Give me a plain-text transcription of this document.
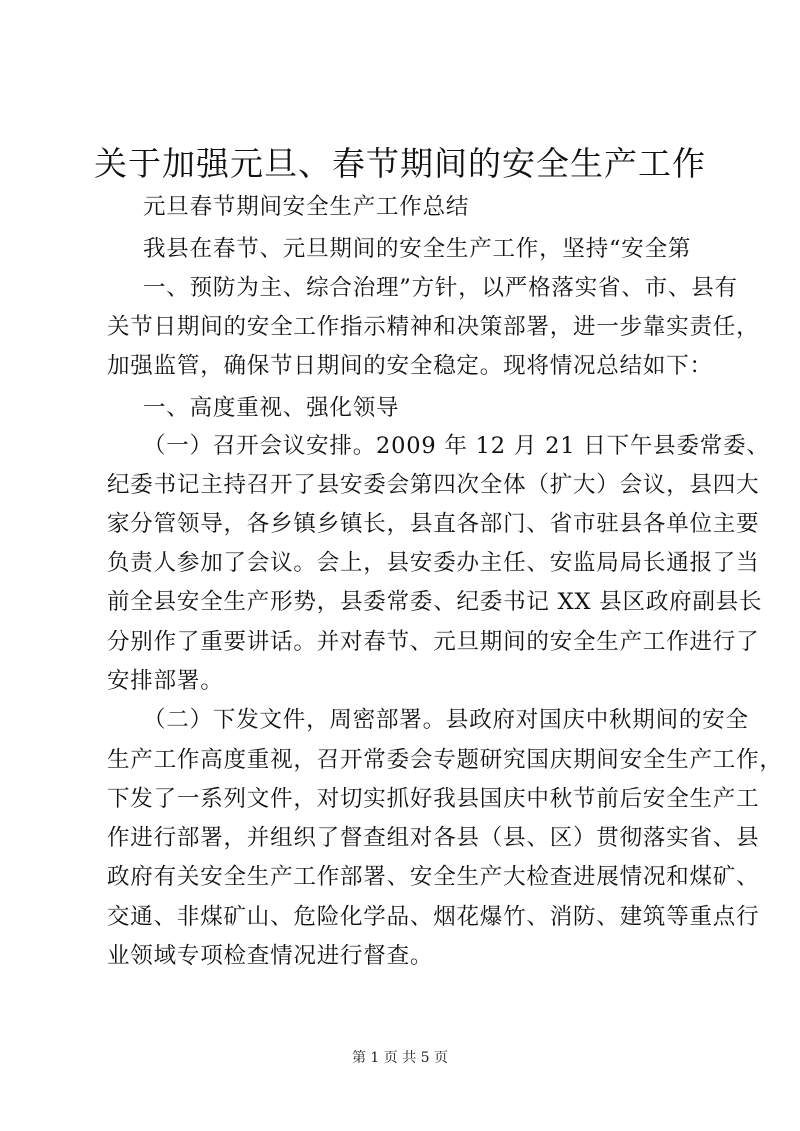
关于加强元旦、春节期间的安全生产工作

元旦春节期间安全生产工作总结

我县在春节、元旦期间的安全生产工作，坚持“安全第

一、预防为主、综合治理”方针，以严格落实省、市、县有

关节日期间的安全工作指示精神和决策部署，进一步靠实责任，

加强监管，确保节日期间的安全稳定。现将情况总结如下：

一、高度重视、强化领导

（一）召开会议安排。2009 年 12 月 21 日下午县委常委、

纪委书记主持召开了县安委会第四次全体（扩大）会议，县四大

家分管领导，各乡镇乡镇长，县直各部门、省市驻县各单位主要

负责人参加了会议。会上，县安委办主任、安监局局长通报了当

前全县安全生产形势，县委常委、纪委书记 XX 县区政府副县长

分别作了重要讲话。并对春节、元旦期间的安全生产工作进行了

安排部署。

（二）下发文件，周密部署。县政府对国庆中秋期间的安全

生产工作高度重视，召开常委会专题研究国庆期间安全生产工作，

下发了一系列文件，对切实抓好我县国庆中秋节前后安全生产工

作进行部署，并组织了督查组对各县（县、区）贯彻落实省、县

政府有关安全生产工作部署、安全生产大检查进展情况和煤矿、

交通、非煤矿山、危险化学品、烟花爆竹、消防、建筑等重点行

业领域专项检查情况进行督查。

第 1 页 共 5 页
